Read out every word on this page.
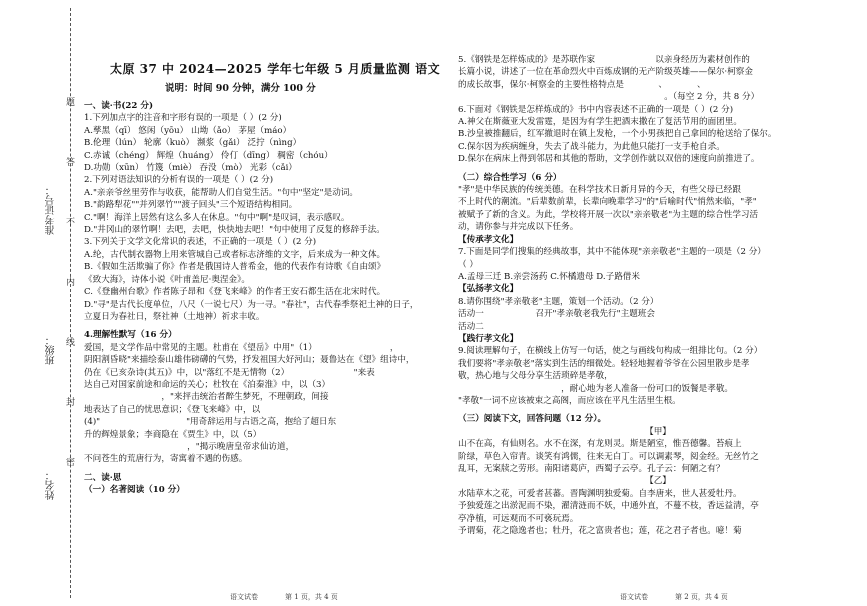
准考证号：
班级：
姓名：
题
答
不
内
线
封
密
太原 37 中 2024—2025 学年七年级 5 月质量监测 语文
说明：时间 90 分钟，满分 100 分
一、读·书(22 分)
1.下列加点字的注音和字形有误的一项是（ ）(2 分)
A.孳黑（qī） 悠闲（yōu） 山坳（ǎo） 茅屋（máo）
B.伦理（lún） 轮廓（kuò） 濒浆（gǎi） 泛拧（nìng）
C.赤诚（chéng） 辉煌（huáng） 伶仃（dīng） 稠密（chóu）
D.功勋（xūn） 竹篾（miè） 吞没（mò） 光彩（cǎi）
2.下列对语法知识的分析有误的一项是（ ）(2 分)
A."亲亲爷丝里劳作与收获，能帮助人们自觉生活。"句中"坚定"是动词。
B."韵路犁花""并列翠竹""渡子回头"三个短语结构相同。
C."啊！海洋上居然有这么多人在休息。"句中"啊"是叹词，表示感叹。
D."井冈山的翠竹啊！去吧，去吧，快快地去吧！"句中使用了反复的修辞手法。
3.下列关于文学文化常识的表述，不正确的一项是（ ）(2 分)
A.纶，古代制衣器物上用来管城自己或者标志济维的文字，后来成为一种文体。
B.《假如生活欺骗了你》作者是俄国诗人普希金，他的代表作有诗歌《自由颂》
《致大海》，诗体小说《叶甫盖尼·奥涅金》。
C.《登幽州台歌》作者陈子昂和《登飞来峰》的作者王安石都生活在北宋时代。
D."寻"是古代长度单位，八尺（一说七尺）为一寻。"春社"，古代春季祭祀土神的日子，
立夏日为春社日，祭社神（土地神）祈求丰收。
4.理解性默写（16 分）
爱国，是文学作品中常见的主题。杜甫在《望岳》中用"（1）　　　　　　　　　，
阴阳割昏晓"来描绘泰山雄伟磅礴的气势，抒发祖国大好河山；聂鲁达在《望》组诗中，
仍在《已亥杂诗(其五)》中，以"落红不是无情物（2）　　　　　　　　"来表
达自己对国家前途和命运的关心；杜牧在《泊秦淮》中，以（3）　　　　　　
　　　　　　　　　，"来抨击统治者醉生梦死，不理朝政，间接
地表达了自己的忧思意识；《登飞来峰》中，以
(4)"　　　　　　　　　　"用奇辞运用与古语之高，抱给了超日东
升的辉煌景象；李商隐在《贾生》中，以（5）　　　　　　　　
　　　　　　　　　　　　，"揭示晚唐皇帝求仙访道，
不问苍生的荒唐行为，寄寓着不遇的伤感。
二、读·思
（一）名著阅读（10 分）
5.《钢铁是怎样炼成的》是苏联作家　　　　　　　以亲身经历为素材创作的
长篇小说，讲述了一位在革命烈火中百炼成钢的无产阶级英雄——保尔·柯察金
的成长故事，保尔·柯察金的主要性格特点是　　　　、　　　　、　　　　
　　　　　　　　　　　　　　　　　　　　　　　　。（每空 2 分，共 8 分）
6.下面对《钢铁是怎样炼成的》书中内容表述不正确的一项是（ ）(2 分)
A.神父在斯薇亚大发雷霆，是因为有学生把酒末撒在了复活节用的面团里。
B.沙皇被推翻后，红军撤退时在镇上发枪，一个小男孩把自己拿回的枪送给了保尔。
C.保尔因为疾病缠身，失去了战斗能力，为此他只能打一支手枪自杀。
D.保尔在病床上得到邻居和其他的帮助，文学创作就以双倍的速度向前推进了。
（二）综合性学习（6 分）
"孝"是中华民族的传统美德。在科学技术日新月异的今天，有些父母已经跟
不上时代的潮流。"后辈数前辈，长辈向晚辈学习"的"后喻时代"悄然来临，"孝"
被赋予了新的含义。为此，学校将开展一次以"亲亲敬老"为主题的综合性学习活
动，请你参与并完成以下任务。
【传承孝文化】
7.下面是同学们搜集的经典故事，其中不能体现"亲亲敬老"主题的一项是（2 分）
（ ）
A.孟母三迁 B.亲尝汤药 C.怀橘遗母 D.子路借米
【弘扬孝文化】
8.请你围绕"孝亲敬老"主题，策划一个活动。（2 分）
活动一　　　　　　召开"孝亲敬老我先行"主题班会
活动二　　　　　　　　　　　　　　　　　　　
【践行孝文化】
9.阅读理解句子，在横线上仿写一句话，使之与画线句构成一组排比句。（2 分）
我们要将"孝亲敬老"落实到生活的细微处。轻轻地握着爷爷在公园里散步是孝
敬，热心地与父母分享生活琐碎是孝敬，　　　　　　　　　　　　　　
　　　　　　　　　　　　，耐心地为老人准备一份可口的饭餐是孝敬。
"孝敬"一词不应该被束之高阁，而应该在平凡生活里生根。
（三）阅读下文，回答问题（12 分）。
【甲】
山不在高，有仙则名。水不在深，有龙则灵。斯是陋室，惟吾德馨。苔痕上
阶绿，草色入帘青。谈笑有鸿儒，往来无白丁。可以调素琴，阅金经。无丝竹之
乱耳，无案牍之劳形。南阳诸葛庐，西蜀子云亭。孔子云：何陋之有？
【乙】
水陆草木之花，可爱者甚蕃。晋陶渊明独爱菊。自李唐来，世人甚爱牡丹。
予独爱莲之出淤泥而不染，濯清涟而不妖，中通外直，不蔓不枝，香远益清，亭
亭净植，可远观而不可亵玩焉。
予谓菊，花之隐逸者也；牡丹，花之富贵者也；莲，花之君子者也。噫！菊
语文试卷	第 1 页，共 4 页	语文试卷	第 2 页，共 4 页
